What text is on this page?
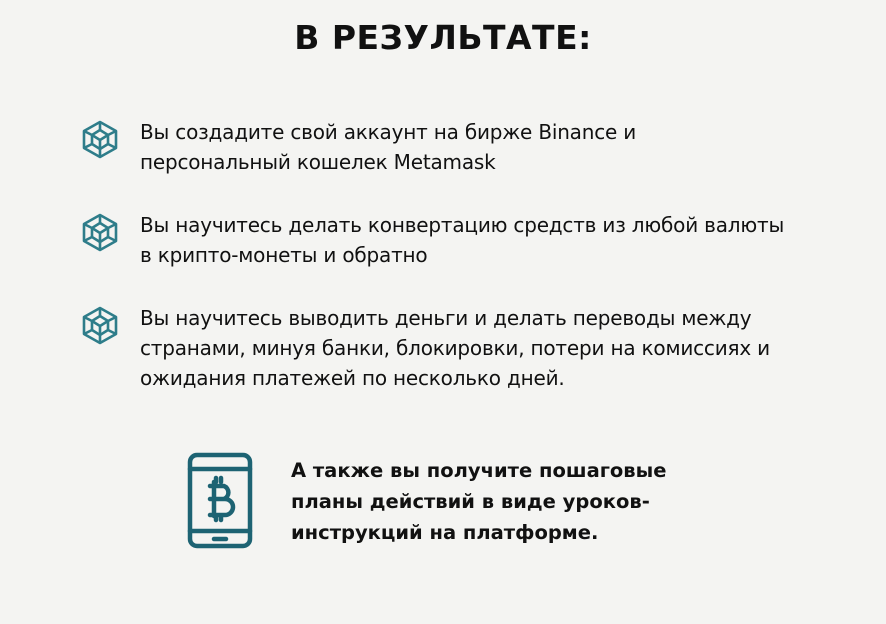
В РЕЗУЛЬТАТЕ:
Вы создадите свой аккаунт на бирже Binance и персональный кошелек Metamask
Вы научитесь делать конвертацию средств из любой валюты в крипто-монеты и обратно
Вы научитесь выводить деньги и делать переводы между странами, минуя банки, блокировки, потери на комиссиях и ожидания платежей по несколько дней.
А также вы получите пошаговые планы действий в виде уроков-инструкций на платформе.
